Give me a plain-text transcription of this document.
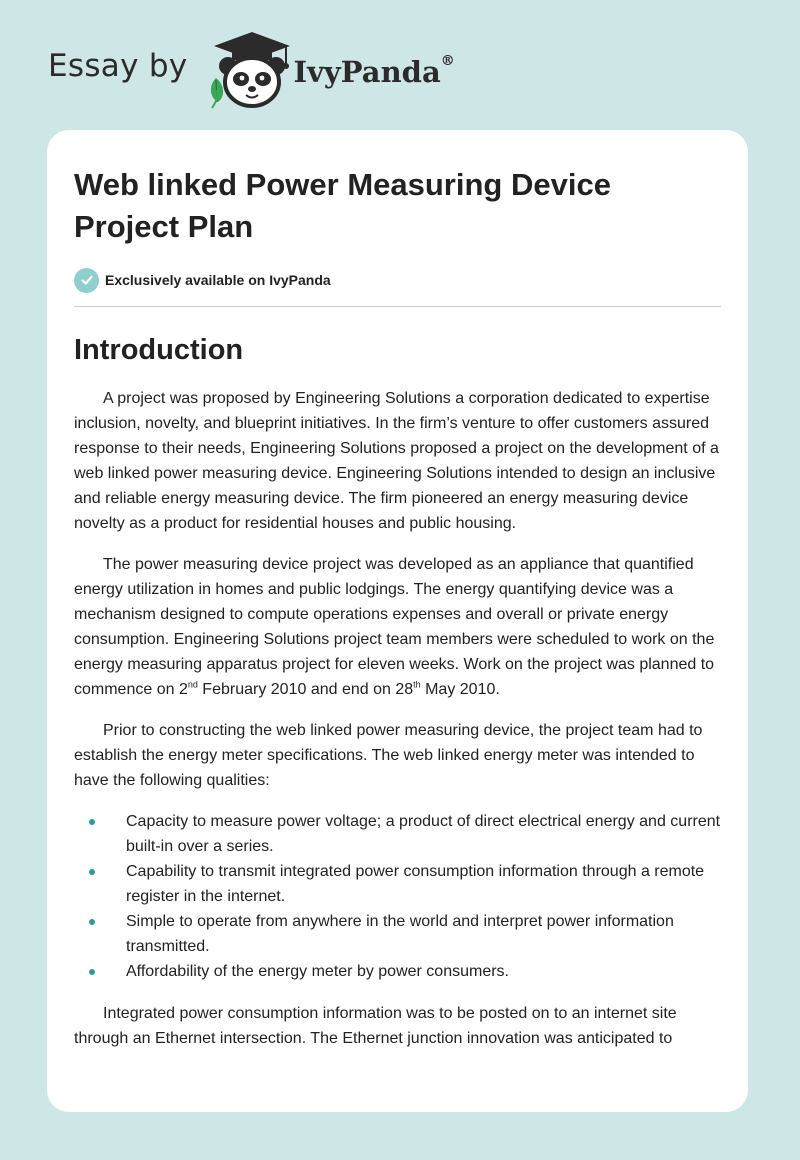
Essay by	IvyPanda®
Web linked Power Measuring Device Project Plan
Exclusively available on IvyPanda
Introduction

A project was proposed by Engineering Solutions a corporation dedicated to expertise inclusion, novelty, and blueprint initiatives. In the firm’s venture to offer customers assured response to their needs, Engineering Solutions proposed a project on the development of a web linked power measuring device. Engineering Solutions intended to design an inclusive and reliable energy measuring device. The firm pioneered an energy measuring device novelty as a product for residential houses and public housing.

The power measuring device project was developed as an appliance that quantified energy utilization in homes and public lodgings. The energy quantifying device was a mechanism designed to compute operations expenses and overall or private energy consumption. Engineering Solutions project team members were scheduled to work on the energy measuring apparatus project for eleven weeks. Work on the project was planned to commence on 2nd February 2010 and end on 28th May 2010.

Prior to constructing the web linked power measuring device, the project team had to establish the energy meter specifications. The web linked energy meter was intended to have the following qualities:

Capacity to measure power voltage; a product of direct electrical energy and current built-in over a series.
Capability to transmit integrated power consumption information through a remote register in the internet.
Simple to operate from anywhere in the world and interpret power information transmitted.
Affordability of the energy meter by power consumers.

Integrated power consumption information was to be posted on to an internet site through an Ethernet intersection. The Ethernet junction innovation was anticipated to
